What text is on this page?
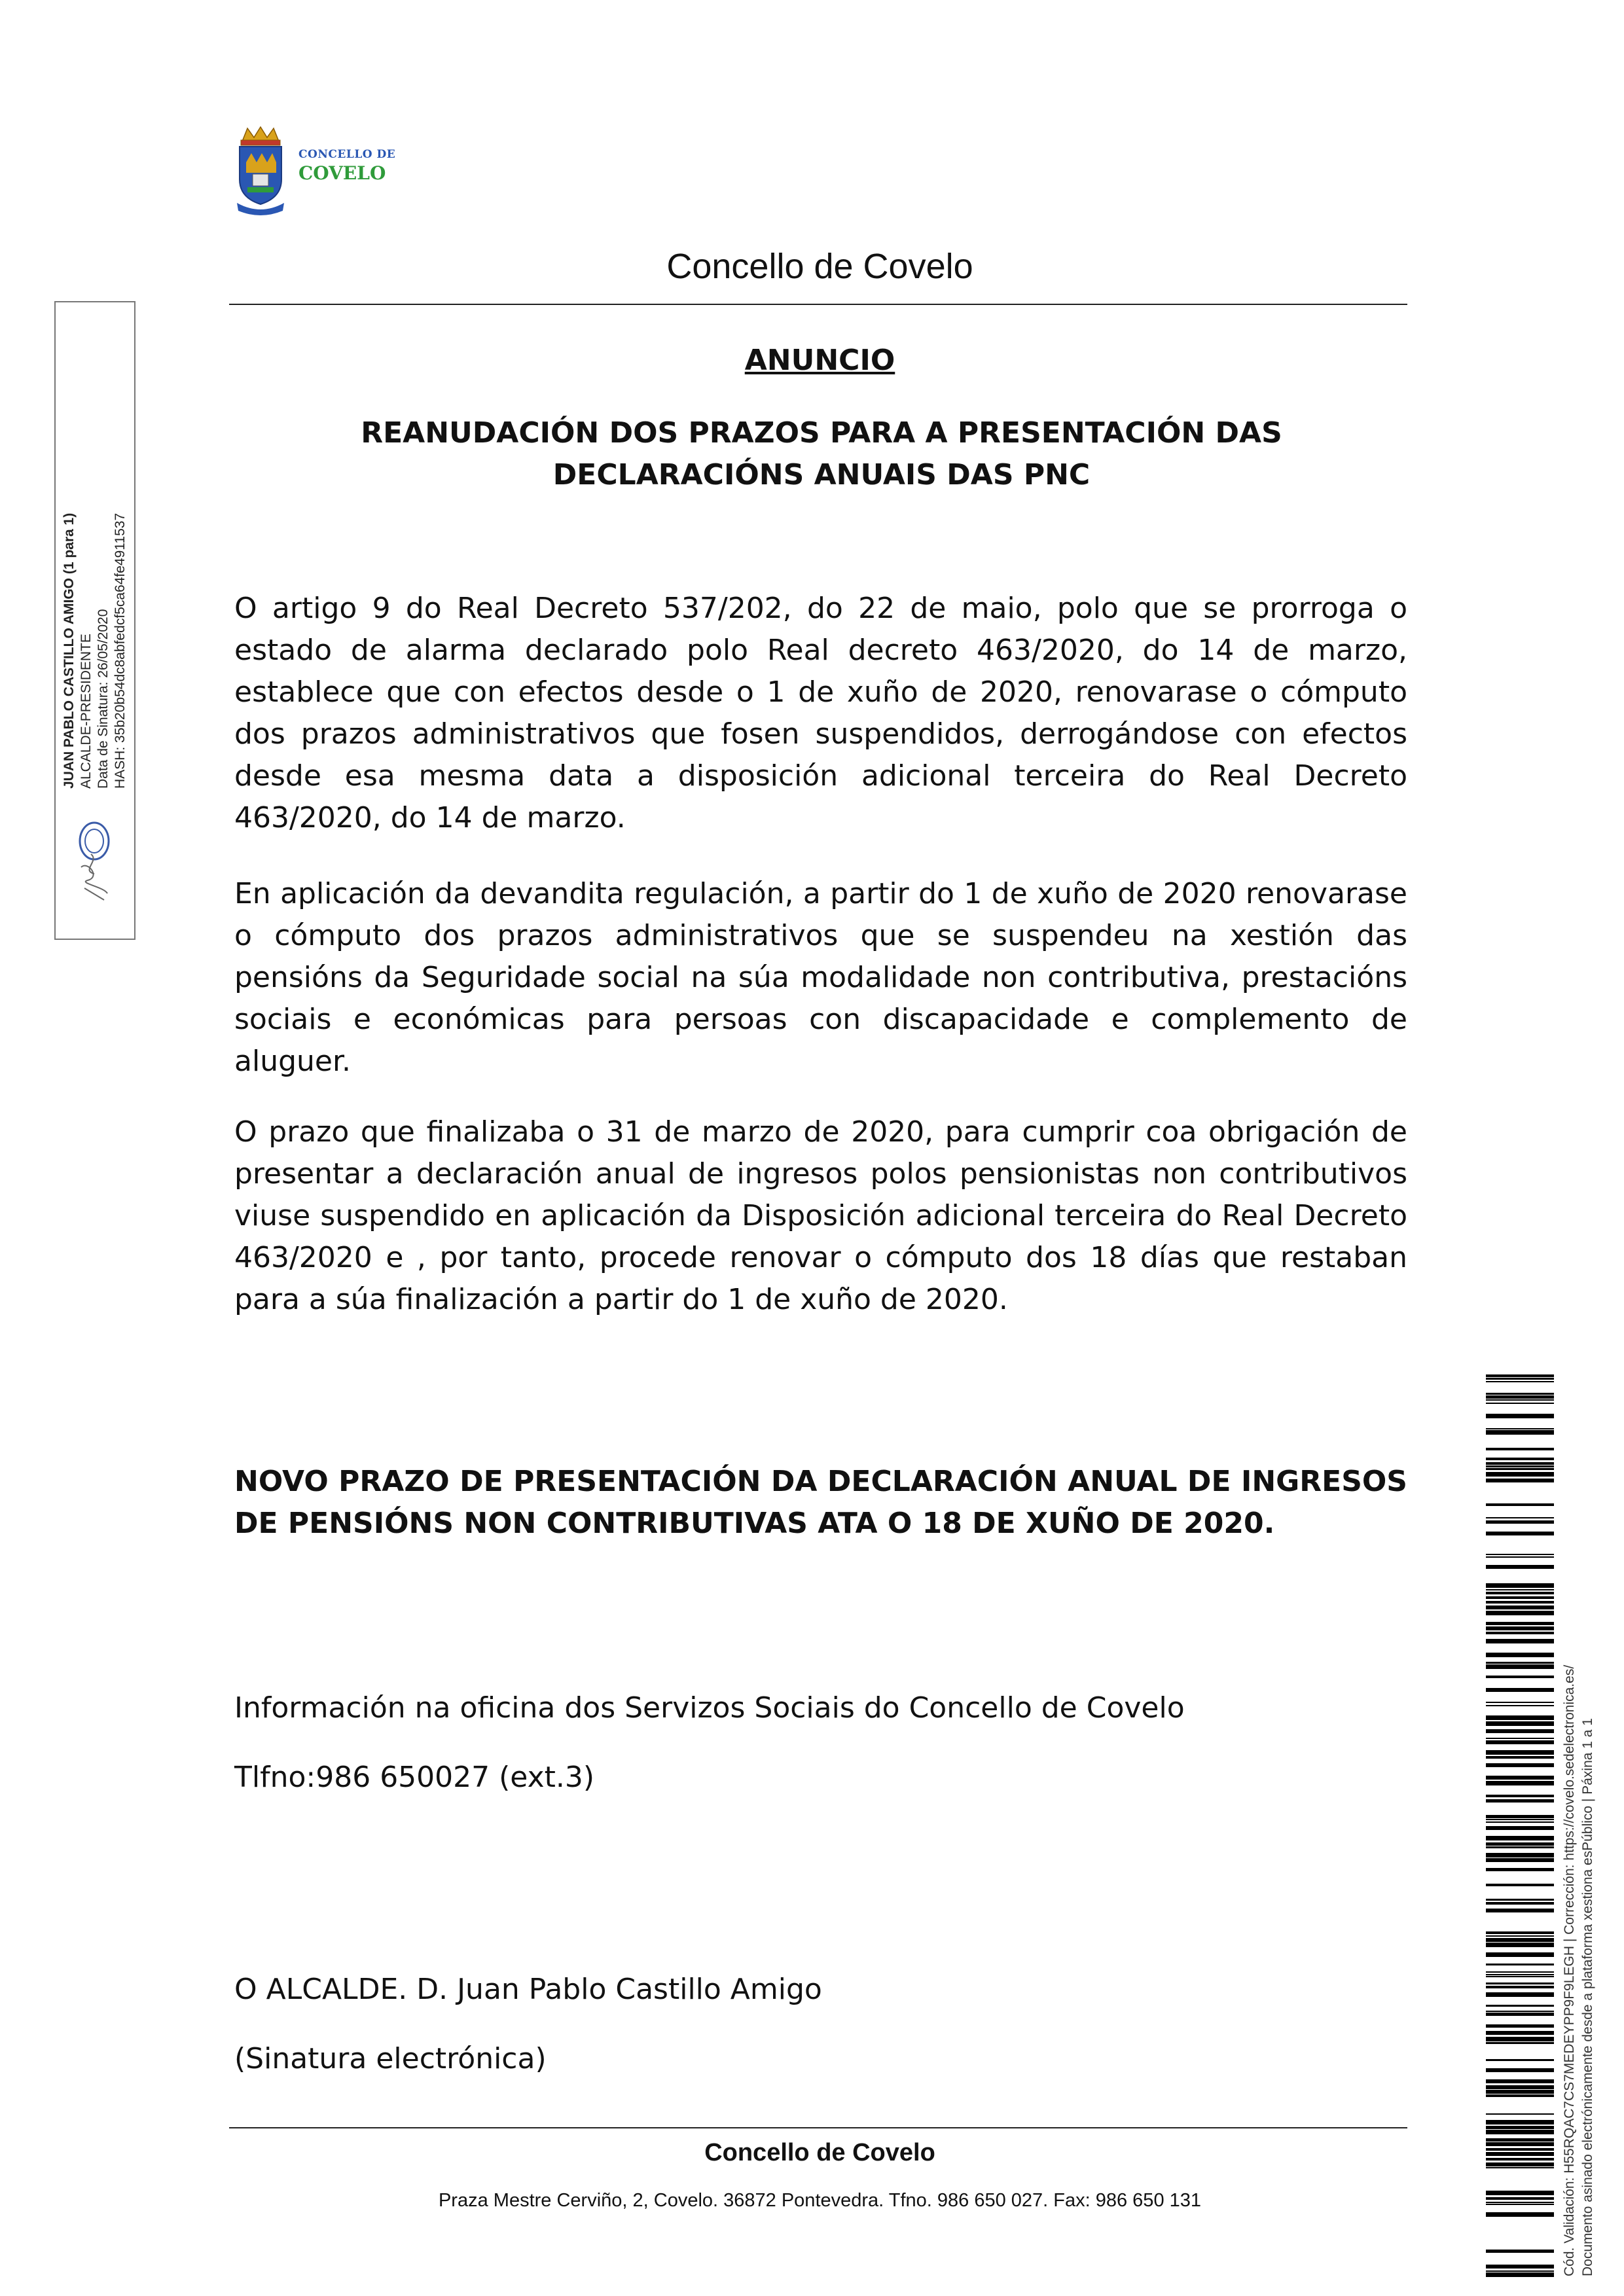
CONCELLO DE
COVELO
Concello de Covelo
JUAN PABLO CASTILLO AMIGO (1 para 1) ALCALDE-PRESIDENTE Data de Sinatura: 26/05/2020 HASH: 35b20b54dc8abfedcf5ca64fe4911537
ANUNCIO
REANUDACIÓN DOS PRAZOS PARA A PRESENTACIÓN DAS DECLARACIÓNS ANUAIS DAS PNC
O artigo 9 do Real Decreto 537/202, do 22 de maio, polo que se prorroga o estado de alarma declarado polo Real decreto 463/2020, do 14 de marzo, establece que con efectos desde o 1 de xuño de 2020, renovarase o cómputo dos prazos administrativos que fosen suspendidos, derrogándose con efectos desde esa mesma data a disposición adicional terceira do Real Decreto 463/2020, do 14 de marzo.
En aplicación da devandita regulación, a partir do 1 de xuño de 2020 renovarase o cómputo dos prazos administrativos que se suspendeu na xestión das pensións da Seguridade social na súa modalidade non contributiva, prestacións sociais e económicas para persoas con discapacidade e complemento de aluguer.
O prazo que finalizaba o 31 de marzo de 2020, para cumprir coa obrigación de presentar a declaración anual de ingresos polos pensionistas non contributivos viuse suspendido en aplicación da Disposición adicional terceira do Real Decreto 463/2020 e , por tanto, procede renovar o cómputo dos 18 días que restaban para a súa finalización a partir do 1 de xuño de 2020.
NOVO PRAZO DE PRESENTACIÓN DA DECLARACIÓN ANUAL DE INGRESOS DE PENSIÓNS NON CONTRIBUTIVAS ATA O 18 DE XUÑO DE 2020.
Información na oficina dos Servizos Sociais do Concello de Covelo
Tlfno:986 650027 (ext.3)
O ALCALDE. D. Juan Pablo Castillo Amigo
(Sinatura electrónica)
Concello de Covelo
Praza Mestre Cerviño, 2, Covelo. 36872 Pontevedra. Tfno. 986 650 027. Fax: 986 650 131	Cód. Validación: H55RQAC7CS7MEDEYPP9F9LEGH | Corrección: https://covelo.sedelectronica.es/ Documento asinado electrónicamente desde a plataforma xestiona esPúblico | Páxina 1 a 1
